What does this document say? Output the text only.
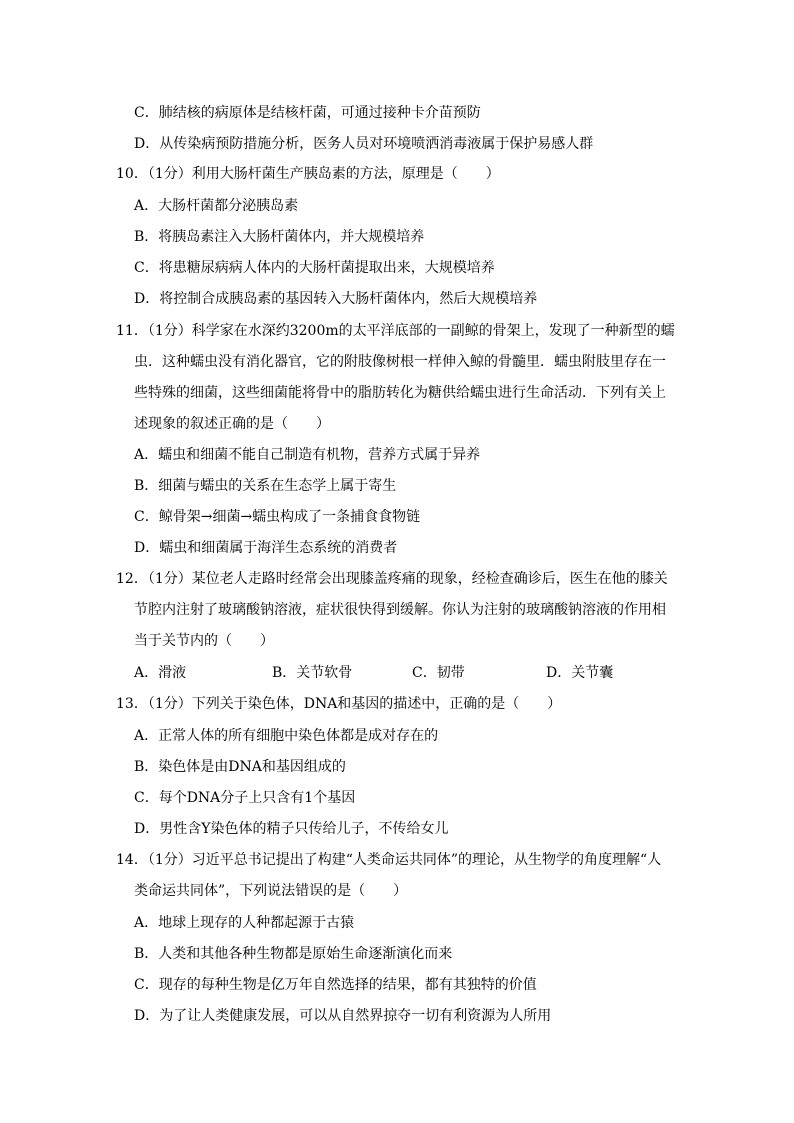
C．肺结核的病原体是结核杆菌，可通过接种卡介苗预防
D．从传染病预防措施分析，医务人员对环境喷洒消毒液属于保护易感人群
10．（1分）利用大肠杆菌生产胰岛素的方法，原理是（　　）
A．大肠杆菌都分泌胰岛素
B．将胰岛素注入大肠杆菌体内，并大规模培养
C．将患糖尿病病人体内的大肠杆菌提取出来，大规模培养
D．将控制合成胰岛素的基因转入大肠杆菌体内，然后大规模培养
11．（1分）科学家在水深约3200m的太平洋底部的一副鲸的骨架上，发现了一种新型的蠕
虫．这种蠕虫没有消化器官，它的附肢像树根一样伸入鲸的骨髓里．蠕虫附肢里存在一
些特殊的细菌，这些细菌能将骨中的脂肪转化为糖供给蠕虫进行生命活动．下列有关上
述现象的叙述正确的是（　　）
A．蠕虫和细菌不能自己制造有机物，营养方式属于异养
B．细菌与蠕虫的关系在生态学上属于寄生
C．鲸骨架→细菌→蠕虫构成了一条捕食食物链
D．蠕虫和细菌属于海洋生态系统的消费者
12．（1分）某位老人走路时经常会出现膝盖疼痛的现象，经检查确诊后，医生在他的膝关
节腔内注射了玻璃酸钠溶液，症状很快得到缓解。你认为注射的玻璃酸钠溶液的作用相
当于关节内的（　　）
A．滑液	B．关节软骨	C．韧带	D．关节囊
13．（1分）下列关于染色体，DNA和基因的描述中，正确的是（　　）
A．正常人体的所有细胞中染色体都是成对存在的
B．染色体是由DNA和基因组成的
C．每个DNA分子上只含有1个基因
D．男性含Y染色体的精子只传给儿子，不传给女儿
14．（1分）习近平总书记提出了构建“人类命运共同体”的理论，从生物学的角度理解“人
类命运共同体”，下列说法错误的是（　　）
A．地球上现存的人种都起源于古猿
B．人类和其他各种生物都是原始生命逐渐演化而来
C．现存的每种生物是亿万年自然选择的结果，都有其独特的价值
D．为了让人类健康发展，可以从自然界掠夺一切有利资源为人所用
